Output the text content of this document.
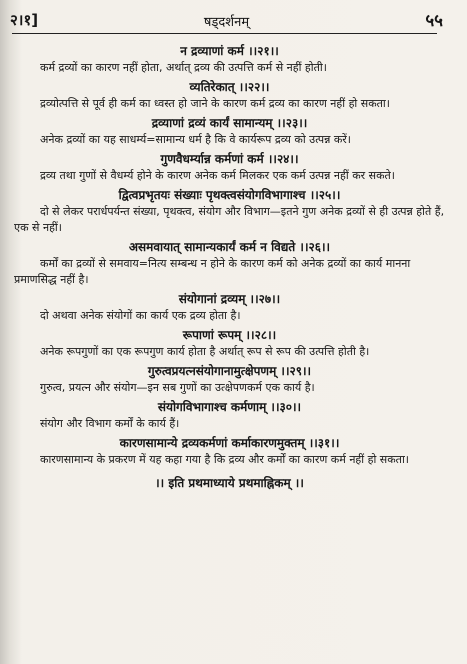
२।१]	षड्दर्शनम्	५५
न द्रव्याणां कर्म ।।२१।।
कर्म द्रव्यों का कारण नहीं होता, अर्थात् द्रव्य की उत्पत्ति कर्म से नहीं होती।
व्यतिरेकात् ।।२२।।
द्रव्योत्पत्ति से पूर्व ही कर्म का ध्वस्त हो जाने के कारण कर्म द्रव्य का कारण नहीं हो सकता।
द्रव्याणां द्रव्यं कार्यं सामान्यम् ।।२३।।
अनेक द्रव्यों का यह साधर्म्य=सामान्य धर्म है कि वे कार्यरूप द्रव्य को उत्पन्न करें।
गुणवैधर्म्यान्न कर्मणां कर्म ।।२४।।
द्रव्य तथा गुणों से वैधर्म्य होने के कारण अनेक कर्म मिलकर एक कर्म उत्पन्न नहीं कर सकते।
द्वित्वप्रभृतयः संख्याः पृथक्त्वसंयोगविभागाश्च ।।२५।।
दो से लेकर परार्धपर्यन्त संख्या, पृथक्त्व, संयोग और विभाग—इतने गुण अनेक द्रव्यों से ही उत्पन्न होते हैं, एक से नहीं।
असमवायात् सामान्यकार्यं कर्म न विद्यते ।।२६।।
कर्मों का द्रव्यों से समवाय=नित्य सम्बन्ध न होने के कारण कर्म को अनेक द्रव्यों का कार्य मानना प्रमाणसिद्ध नहीं है।
संयोगानां द्रव्यम् ।।२७।।
दो अथवा अनेक संयोगों का कार्य एक द्रव्य होता है।
रूपाणां रूपम् ।।२८।।
अनेक रूपगुणों का एक रूपगुण कार्य होता है अर्थात् रूप से रूप की उत्पत्ति होती है।
गुरुत्वप्रयत्नसंयोगानामुत्क्षेपणम् ।।२९।।
गुरुत्व, प्रयत्न और संयोग—इन सब गुणों का उत्क्षेपणकर्म एक कार्य है।
संयोगविभागाश्च कर्मणाम् ।।३०।।
संयोग और विभाग कर्मों के कार्य हैं।
कारणसामान्ये द्रव्यकर्मणां कर्माकारणमुक्तम् ।।३१।।
कारणसामान्य के प्रकरण में यह कहा गया है कि द्रव्य और कर्मों का कारण कर्म नहीं हो सकता।
।। इति प्रथमाध्याये प्रथमाह्निकम् ।।
